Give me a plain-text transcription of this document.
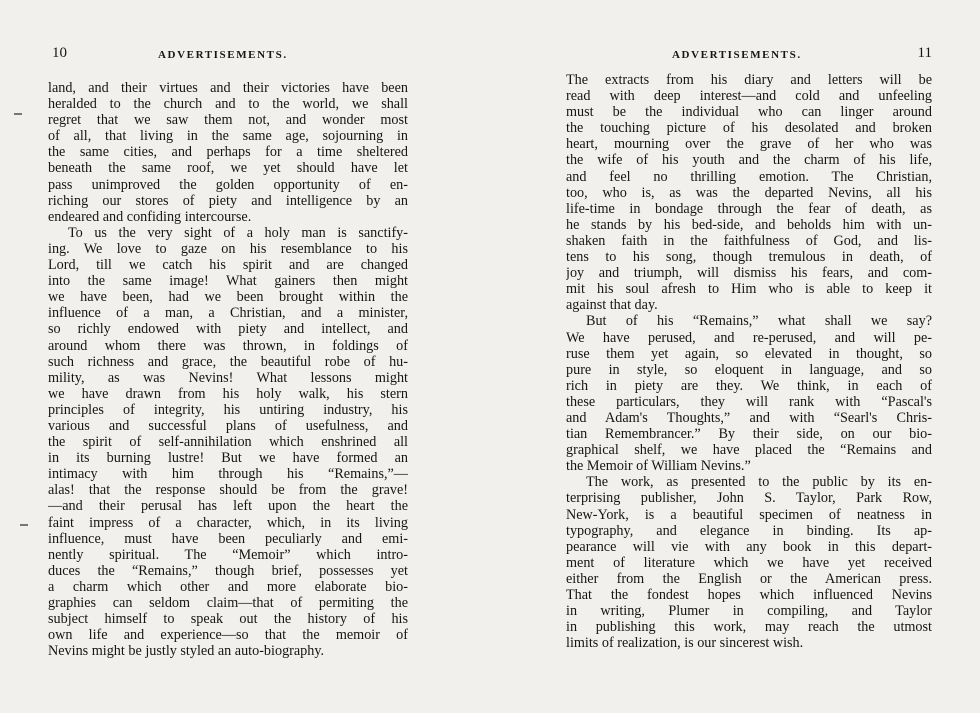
10	ADVERTISEMENTS.
land, and their virtues and their victories have been
heralded to the church and to the world, we shall
regret that we saw them not, and wonder most
of all, that living in the same age, sojourning in
the same cities, and perhaps for a time sheltered
beneath the same roof, we yet should have let
pass unimproved the golden opportunity of en-
riching our stores of piety and intelligence by an
endeared and confiding intercourse.
To us the very sight of a holy man is sanctify-
ing. We love to gaze on his resemblance to his
Lord, till we catch his spirit and are changed
into the same image! What gainers then might
we have been, had we been brought within the
influence of a man, a Christian, and a minister,
so richly endowed with piety and intellect, and
around whom there was thrown, in foldings of
such richness and grace, the beautiful robe of hu-
mility, as was Nevins! What lessons might
we have drawn from his holy walk, his stern
principles of integrity, his untiring industry, his
various and successful plans of usefulness, and
the spirit of self-annihilation which enshrined all
in its burning lustre! But we have formed an
intimacy with him through his “Remains,”—
alas! that the response should be from the grave!
—and their perusal has left upon the heart the
faint impress of a character, which, in its living
influence, must have been peculiarly and emi-
nently spiritual. The “Memoir” which intro-
duces the “Remains,” though brief, possesses yet
a charm which other and more elaborate bio-
graphies can seldom claim—that of permiting the
subject himself to speak out the history of his
own life and experience—so that the memoir of
Nevins might be justly styled an auto-biography.
ADVERTISEMENTS.	11
The extracts from his diary and letters will be
read with deep interest—and cold and unfeeling
must be the individual who can linger around
the touching picture of his desolated and broken
heart, mourning over the grave of her who was
the wife of his youth and the charm of his life,
and feel no thrilling emotion. The Christian,
too, who is, as was the departed Nevins, all his
life-time in bondage through the fear of death, as
he stands by his bed-side, and beholds him with un-
shaken faith in the faithfulness of God, and lis-
tens to his song, though tremulous in death, of
joy and triumph, will dismiss his fears, and com-
mit his soul afresh to Him who is able to keep it
against that day.
But of his “Remains,” what shall we say?
We have perused, and re-perused, and will pe-
ruse them yet again, so elevated in thought, so
pure in style, so eloquent in language, and so
rich in piety are they. We think, in each of
these particulars, they will rank with “Pascal's
and Adam's Thoughts,” and with “Searl's Chris-
tian Remembrancer.” By their side, on our bio-
graphical shelf, we have placed the “Remains and
the Memoir of William Nevins.”
The work, as presented to the public by its en-
terprising publisher, John S. Taylor, Park Row,
New-York, is a beautiful specimen of neatness in
typography, and elegance in binding. Its ap-
pearance will vie with any book in this depart-
ment of literature which we have yet received
either from the English or the American press.
That the fondest hopes which influenced Nevins
in writing, Plumer in compiling, and Taylor
in publishing this work, may reach the utmost
limits of realization, is our sincerest wish.
